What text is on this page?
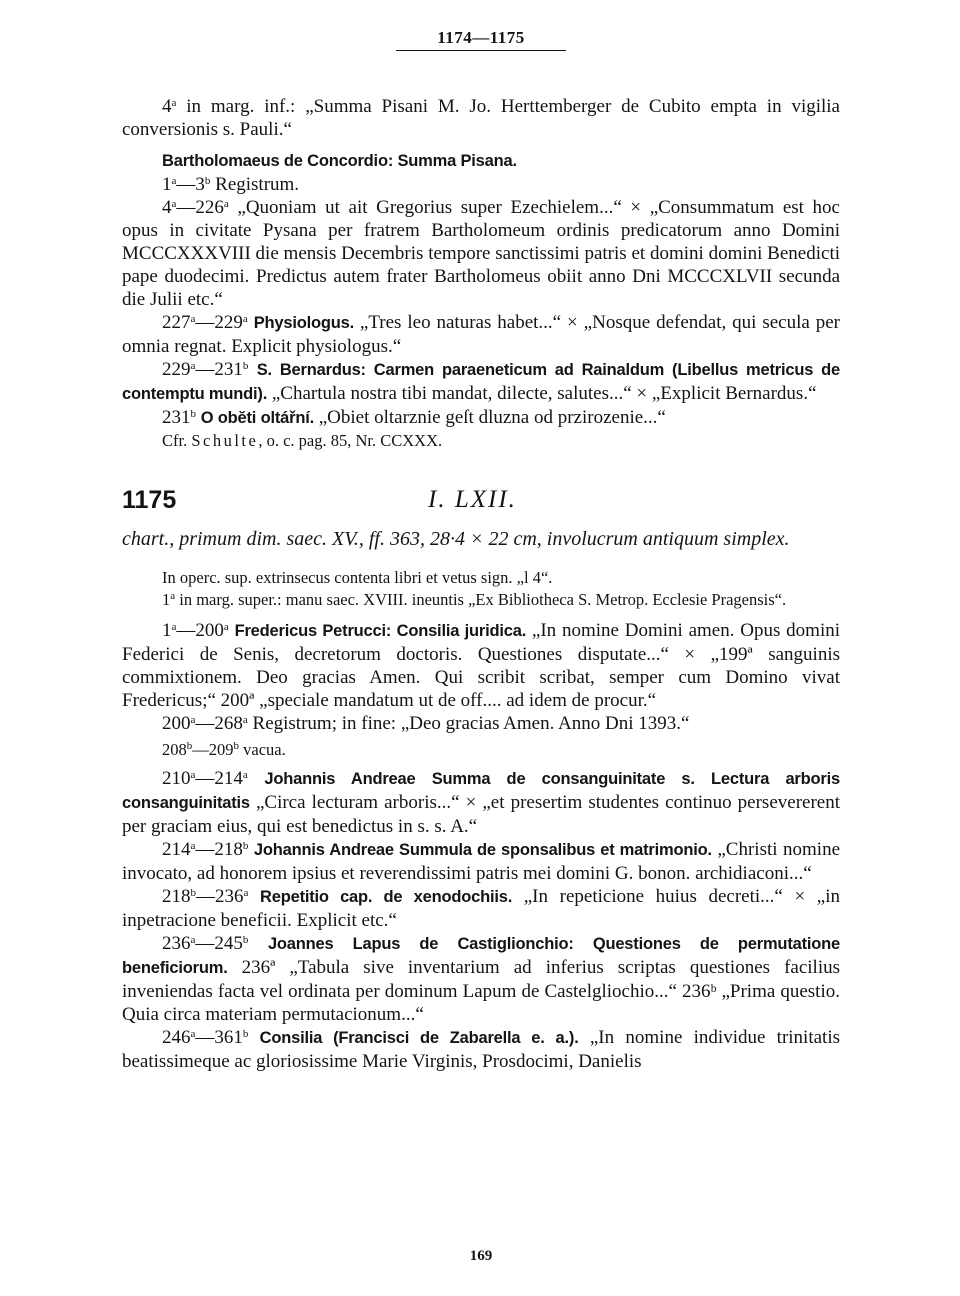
1174—1175

4$^a$ in marg. inf.: „Summa Pisani M. Jo. Herttemberger de Cubito empta in vigilia conversionis s. Pauli.“

Bartholomaeus de Concordio: Summa Pisana.

1$^a$—3$^b$ Registrum.

4$^a$—226$^a$ „Quoniam ut ait Gregorius super Ezechielem...“ × „Consummatum est hoc opus in civitate Pysana per fratrem Bartholomeum ordinis predicatorum anno Domini MCCCXXXVIII die mensis Decembris tempore sanctissimi patris et domini domini Benedicti pape duodecimi. Predictus autem frater Bartholomeus obiit anno Dni MCCCXLVII secunda die Julii etc.“

227$^a$—229$^a$ Physiologus. „Tres leo naturas habet...“ × „Nosque defendat, qui secula per omnia regnat. Explicit physiologus.“

229$^a$—231$^b$ S. Bernardus: Carmen paraeneticum ad Rainaldum (Libellus metricus de contemptu mundi). „Chartula nostra tibi mandat, dilecte, salutes...“ × „Explicit Bernardus.“

231$^b$ O obĕti oltářní. „Obiet oltarznie geſt dluzna od przirozenie...“

Cfr. Schulte, o. c. pag. 85, Nr. CCXXX.

1175	I. LXII.

chart., primum dim. saec. XV., ff. 363, 28·4 × 22 cm, involucrum antiquum simplex.

In operc. sup. extrinsecus contenta libri et vetus sign. „l 4“.

1$^a$ in marg. super.: manu saec. XVIII. ineuntis „Ex Bibliotheca S. Metrop. Ecclesie Pragensis“.

1$^a$—200$^a$ Fredericus Petrucci: Consilia juridica. „In nomine Domini amen. Opus domini Federici de Senis, decretorum doctoris. Questiones disputate...“ × „199ª sanguinis commixtionem. Deo gracias Amen. Qui scribit scribat, semper cum Domino vivat Fredericus;“ 200ª „speciale mandatum ut de off.... ad idem de procur.“

200$^a$—268$^a$ Registrum; in fine: „Deo gracias Amen. Anno Dni 1393.“

208$^b$—209$^b$ vacua.

210$^a$—214$^a$ Johannis Andreae Summa de consanguinitate s. Lectura arboris consanguinitatis „Circa lecturam arboris...“ × „et presertim studentes continuo persevererent per graciam eius, qui est benedictus in s. s. A.“

214$^a$—218$^b$ Johannis Andreae Summula de sponsalibus et matrimonio. „Christi nomine invocato, ad honorem ipsius et reverendissimi patris mei domini G. bonon. archidiaconi...“

218$^b$—236$^a$ Repetitio cap. de xenodochiis. „In repeticione huius decreti...“ × „in inpetracione beneficii. Explicit etc.“

236$^a$—245$^b$ Joannes Lapus de Castiglionchio: Questiones de permutatione beneficiorum. 236ª „Tabula sive inventarium ad inferius scriptas questiones facilius inveniendas facta vel ordinata per dominum Lapum de Castelgliochio...“ 236ᵇ „Prima questio. Quia circa materiam permutacionum...“

246$^a$—361$^b$ Consilia (Francisci de Zabarella e. a.). „In nomine individue trinitatis beatissimeque ac gloriosissime Marie Virginis, Prosdocimi, Danielis

169
